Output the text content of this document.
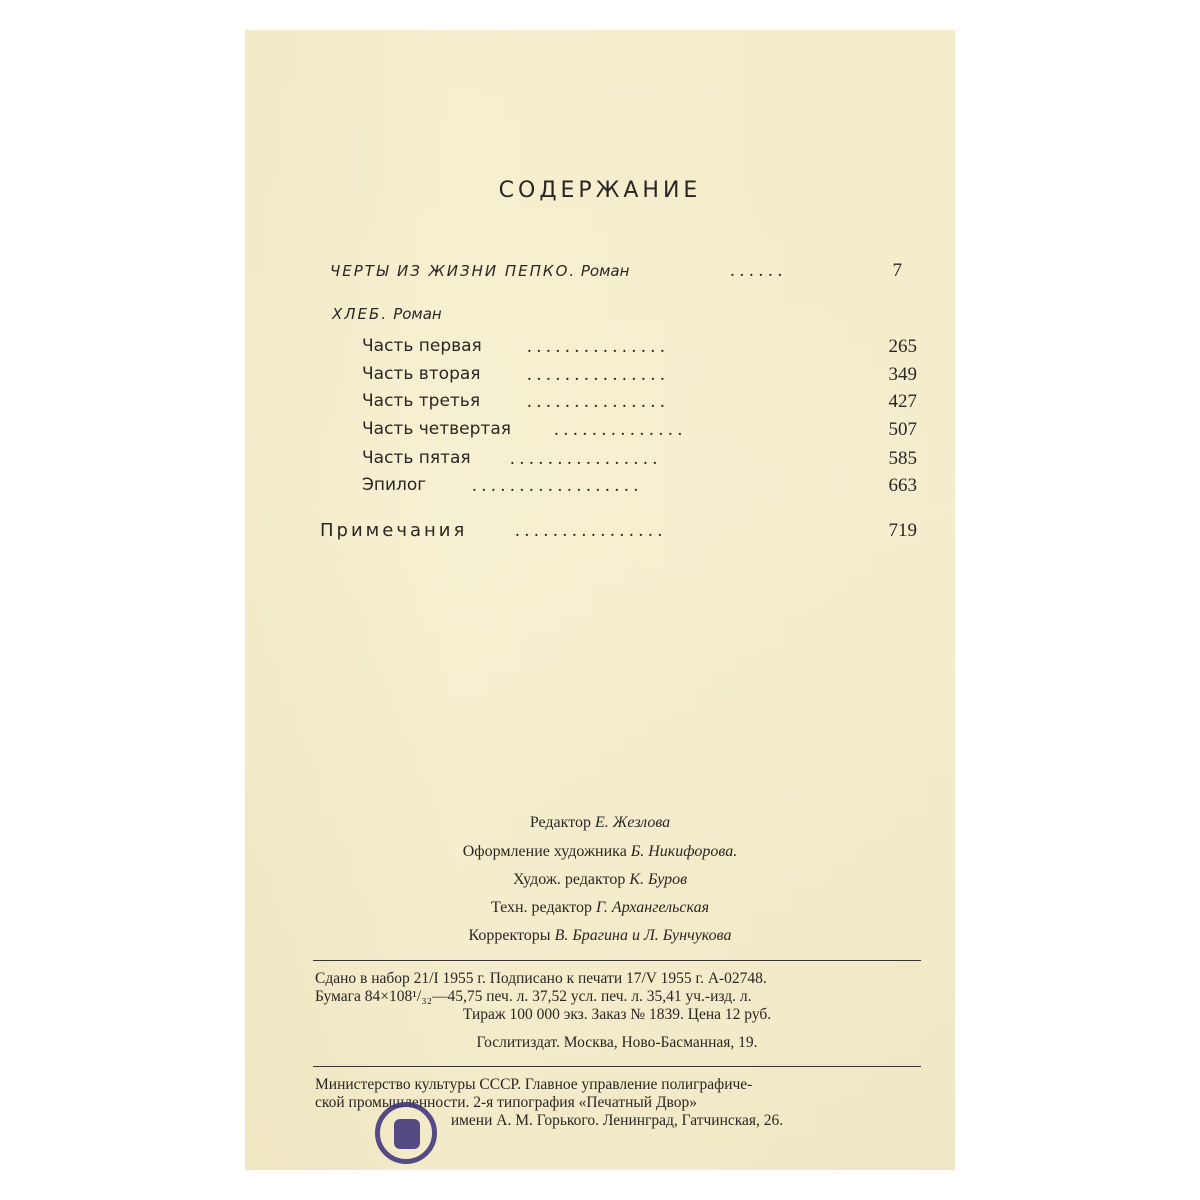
СОДЕРЖАНИЕ
ЧЕРТЫ ИЗ ЖИЗНИ ПЕПКО. Роман	. . . . . .	7
ХЛЕБ. Роман
Часть первая . . . . . . . . . . . . . . .	265
Часть вторая . . . . . . . . . . . . . . .	349
Часть третья . . . . . . . . . . . . . . .	427
Часть четвертая . . . . . . . . . . . . . .	507
Часть пятая . . . . . . . . . . . . . . . .	585
Эпилог . . . . . . . . . . . . . . . . . .	663
Примечания	. . . . . . . . . . . . . . . .	719
Редактор Е. Жезлова
Оформление художника Б. Никифорова.
Худож. редактор К. Буров
Техн. редактор Г. Архангельская
Корректоры В. Брагина и Л. Бунчукова
Сдано в набор 21/I 1955 г. Подписано к печати 17/V 1955 г. А-02748.
Бумага 84×108¹/₃₂—45,75 печ. л. 37,52 усл. печ. л. 35,41 уч.-изд. л.
Тираж 100 000 экз. Заказ № 1839. Цена 12 руб.
Гослитиздат. Москва, Ново-Басманная, 19.
Министерство культуры СССР. Главное управление полиграфиче-
ской промышленности. 2-я типография «Печатный Двор»
имени А. М. Горького. Ленинград, Гатчинская, 26.
